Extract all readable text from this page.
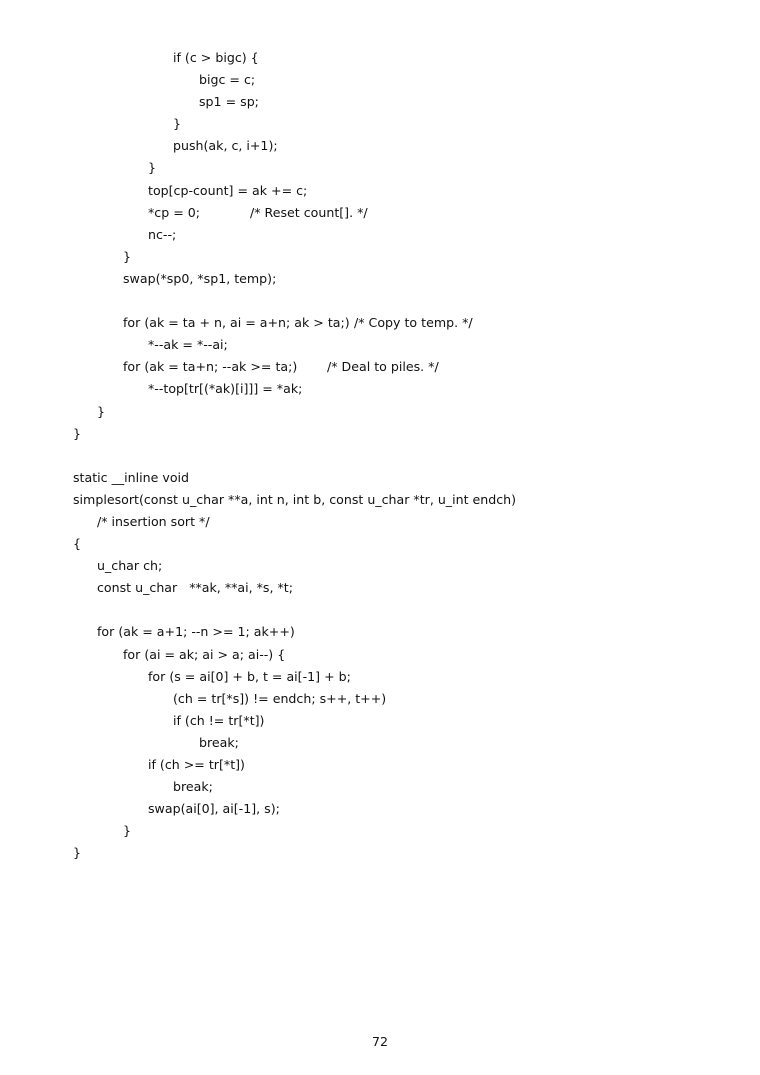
if (c > bigc) {
bigc = c;
sp1 = sp;
}
push(ak, c, i+1);
}
top[cp-count] = ak += c;
*cp = 0;	/* Reset count[]. */
nc--;
}
swap(*sp0, *sp1, temp);
for (ak = ta + n, ai = a+n; ak > ta;) /* Copy to temp. */
*--ak = *--ai;
for (ak = ta+n; --ak >= ta;) /* Deal to piles. */
*--top[tr[(*ak)[i]]] = *ak;
}
}
static __inline void
simplesort(const u_char **a, int n, int b, const u_char *tr, u_int endch)
/* insertion sort */
{
u_char ch;
const u_char   **ak, **ai, *s, *t;
for (ak = a+1; --n >= 1; ak++)
for (ai = ak; ai > a; ai--) {
for (s = ai[0] + b, t = ai[-1] + b;
(ch = tr[*s]) != endch; s++, t++)
if (ch != tr[*t])
break;
if (ch >= tr[*t])
break;
swap(ai[0], ai[-1], s);
}
}
72
